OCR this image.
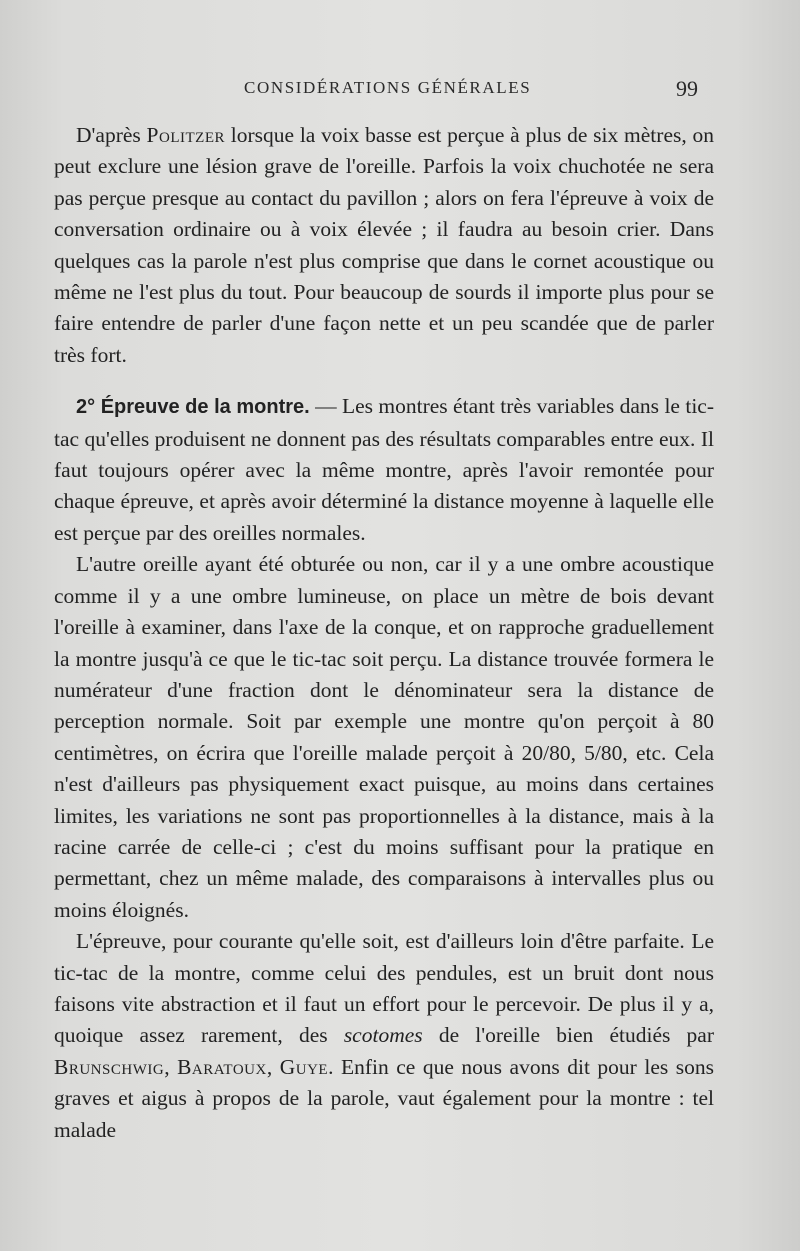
CONSIDÉRATIONS GÉNÉRALES	99

D'après Politzer lorsque la voix basse est perçue à plus de six mètres, on peut exclure une lésion grave de l'oreille. Parfois la voix chuchotée ne sera pas perçue presque au contact du pavillon ; alors on fera l'épreuve à voix de conversation ordinaire ou à voix élevée ; il faudra au besoin crier. Dans quelques cas la parole n'est plus comprise que dans le cornet acoustique ou même ne l'est plus du tout. Pour beaucoup de sourds il importe plus pour se faire entendre de parler d'une façon nette et un peu scandée que de parler très fort.

2° Épreuve de la montre. — Les montres étant très variables dans le tic-tac qu'elles produisent ne donnent pas des résultats comparables entre eux. Il faut toujours opérer avec la même montre, après l'avoir remontée pour chaque épreuve, et après avoir déterminé la distance moyenne à laquelle elle est perçue par des oreilles normales.

L'autre oreille ayant été obturée ou non, car il y a une ombre acoustique comme il y a une ombre lumineuse, on place un mètre de bois devant l'oreille à examiner, dans l'axe de la conque, et on rapproche graduellement la montre jusqu'à ce que le tic-tac soit perçu. La distance trouvée formera le numérateur d'une fraction dont le dénominateur sera la distance de perception normale. Soit par exemple une montre qu'on perçoit à 80 centimètres, on écrira que l'oreille malade perçoit à 20/80, 5/80, etc. Cela n'est d'ailleurs pas physiquement exact puisque, au moins dans certaines limites, les variations ne sont pas proportionnelles à la distance, mais à la racine carrée de celle-ci ; c'est du moins suffisant pour la pratique en permettant, chez un même malade, des comparaisons à intervalles plus ou moins éloignés.

L'épreuve, pour courante qu'elle soit, est d'ailleurs loin d'être parfaite. Le tic-tac de la montre, comme celui des pendules, est un bruit dont nous faisons vite abstraction et il faut un effort pour le percevoir. De plus il y a, quoique assez rarement, des scotomes de l'oreille bien étudiés par Brunschwig, Baratoux, Guye. Enfin ce que nous avons dit pour les sons graves et aigus à propos de la parole, vaut également pour la montre : tel malade
